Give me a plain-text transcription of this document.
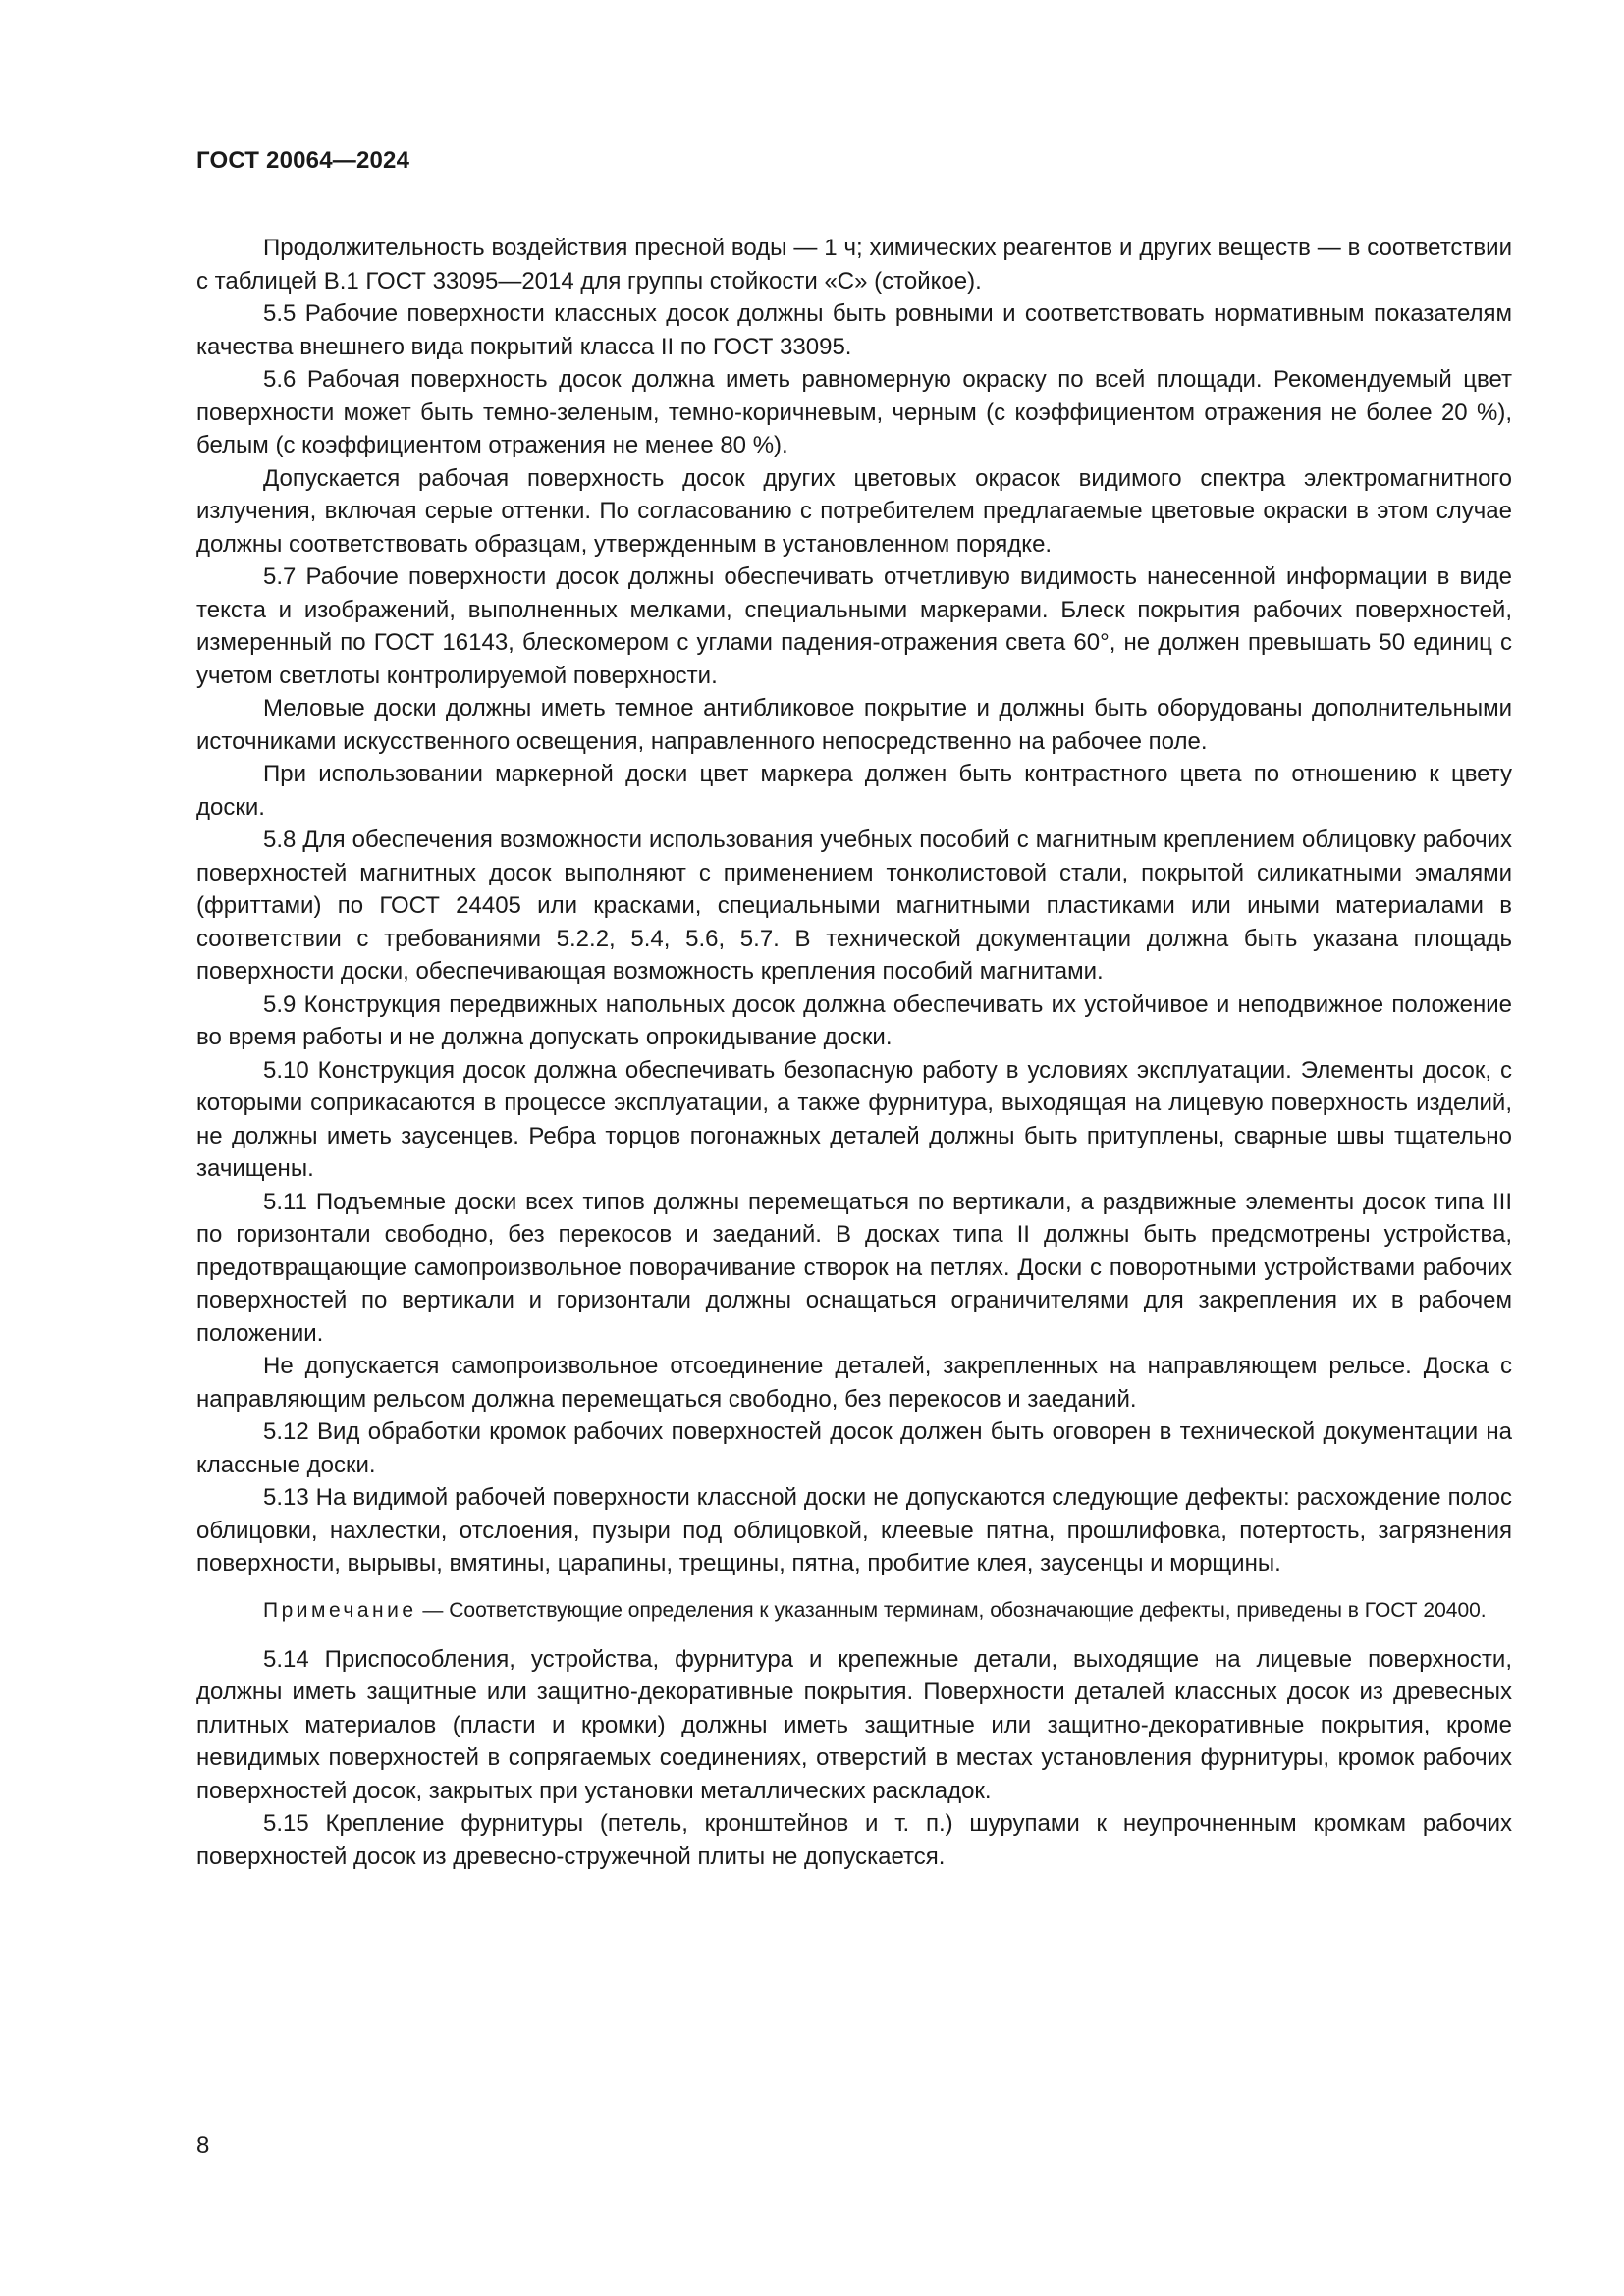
ГОСТ 20064—2024

Продолжительность воздействия пресной воды — 1 ч; химических реагентов и других веществ — в соответствии с таблицей В.1 ГОСТ 33095—2014 для группы стойкости «С» (стойкое).

5.5 Рабочие поверхности классных досок должны быть ровными и соответствовать нормативным показателям качества внешнего вида покрытий класса II по ГОСТ 33095.

5.6 Рабочая поверхность досок должна иметь равномерную окраску по всей площади. Рекомендуемый цвет поверхности может быть темно-зеленым, темно-коричневым, черным (с коэффициентом отражения не более 20 %), белым (с коэффициентом отражения не менее 80 %).

Допускается рабочая поверхность досок других цветовых окрасок видимого спектра электромагнитного излучения, включая серые оттенки. По согласованию с потребителем предлагаемые цветовые окраски в этом случае должны соответствовать образцам, утвержденным в установленном порядке.

5.7 Рабочие поверхности досок должны обеспечивать отчетливую видимость нанесенной информации в виде текста и изображений, выполненных мелками, специальными маркерами. Блеск покрытия рабочих поверхностей, измеренный по ГОСТ 16143, блескомером с углами падения-отражения света 60°, не должен превышать 50 единиц с учетом светлоты контролируемой поверхности.

Меловые доски должны иметь темное антибликовое покрытие и должны быть оборудованы дополнительными источниками искусственного освещения, направленного непосредственно на рабочее поле.

При использовании маркерной доски цвет маркера должен быть контрастного цвета по отношению к цвету доски.

5.8 Для обеспечения возможности использования учебных пособий с магнитным креплением облицовку рабочих поверхностей магнитных досок выполняют с применением тонколистовой стали, покрытой силикатными эмалями (фриттами) по ГОСТ 24405 или красками, специальными магнитными пластиками или иными материалами в соответствии с требованиями 5.2.2, 5.4, 5.6, 5.7. В технической документации должна быть указана площадь поверхности доски, обеспечивающая возможность крепления пособий магнитами.

5.9 Конструкция передвижных напольных досок должна обеспечивать их устойчивое и неподвижное положение во время работы и не должна допускать опрокидывание доски.

5.10 Конструкция досок должна обеспечивать безопасную работу в условиях эксплуатации. Элементы досок, с которыми соприкасаются в процессе эксплуатации, а также фурнитура, выходящая на лицевую поверхность изделий, не должны иметь заусенцев. Ребра торцов погонажных деталей должны быть притуплены, сварные швы тщательно зачищены.

5.11 Подъемные доски всех типов должны перемещаться по вертикали, а раздвижные элементы досок типа III по горизонтали свободно, без перекосов и заеданий. В досках типа II должны быть предсмотрены устройства, предотвращающие самопроизвольное поворачивание створок на петлях. Доски с поворотными устройствами рабочих поверхностей по вертикали и горизонтали должны оснащаться ограничителями для закрепления их в рабочем положении.

Не допускается самопроизвольное отсоединение деталей, закрепленных на направляющем рельсе. Доска с направляющим рельсом должна перемещаться свободно, без перекосов и заеданий.

5.12 Вид обработки кромок рабочих поверхностей досок должен быть оговорен в технической документации на классные доски.

5.13 На видимой рабочей поверхности классной доски не допускаются следующие дефекты: расхождение полос облицовки, нахлестки, отслоения, пузыри под облицовкой, клеевые пятна, прошлифовка, потертость, загрязнения поверхности, вырывы, вмятины, царапины, трещины, пятна, пробитие клея, заусенцы и морщины.

Примечание — Соответствующие определения к указанным терминам, обозначающие дефекты, приведены в ГОСТ 20400.

5.14 Приспособления, устройства, фурнитура и крепежные детали, выходящие на лицевые поверхности, должны иметь защитные или защитно-декоративные покрытия. Поверхности деталей классных досок из древесных плитных материалов (пласти и кромки) должны иметь защитные или защитно-декоративные покрытия, кроме невидимых поверхностей в сопрягаемых соединениях, отверстий в местах установления фурнитуры, кромок рабочих поверхностей досок, закрытых при установки металлических раскладок.

5.15 Крепление фурнитуры (петель, кронштейнов и т. п.) шурупами к неупрочненным кромкам рабочих поверхностей досок из древесно-стружечной плиты не допускается.

8
